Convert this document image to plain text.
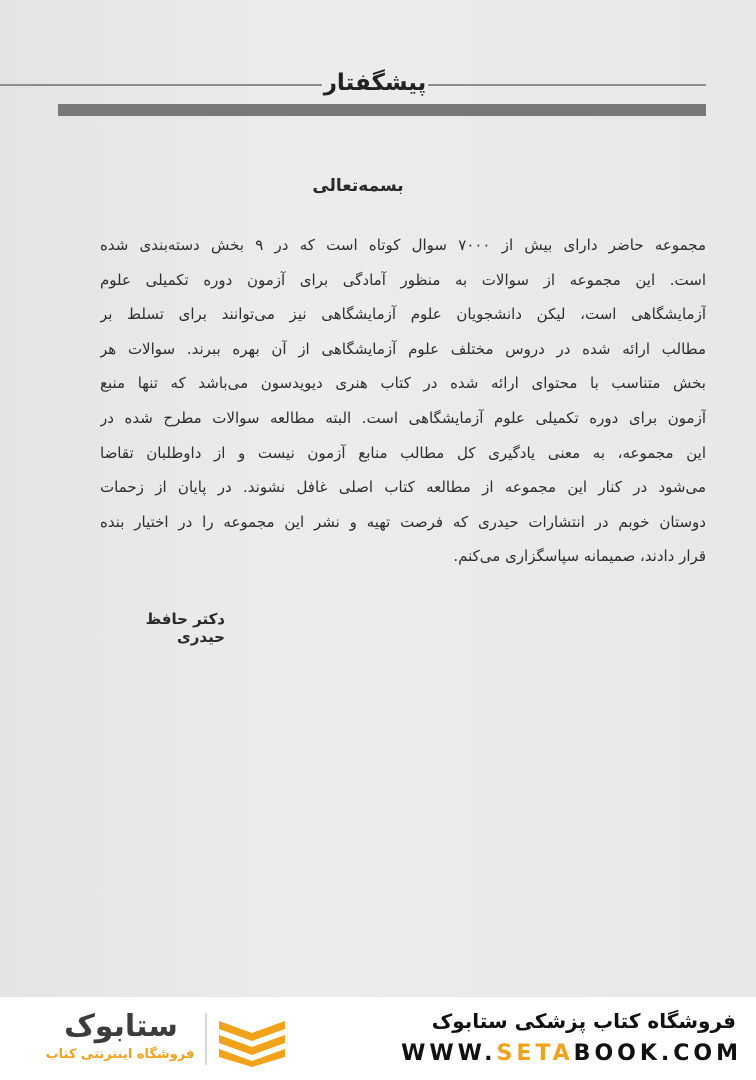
پیشگفتار
بسمه‌تعالی
مجموعه حاضر دارای بیش از ۷۰۰۰ سوال کوتاه است که در ۹ بخش دسته‌بندی شده
است. این مجموعه از سوالات به منظور آمادگی برای آزمون دوره تکمیلی علوم
آزمایشگاهی است، لیکن دانشجویان علوم آزمایشگاهی نیز می‌توانند برای تسلط بر
مطالب ارائه شده در دروس مختلف علوم آزمایشگاهی از آن بهره ببرند. سوالات هر
بخش متناسب با محتوای ارائه شده در کتاب هنری دیویدسون می‌باشد که تنها منبع
آزمون برای دوره تکمیلی علوم آزمایشگاهی است. البته مطالعه سوالات مطرح شده در
این مجموعه، به معنی یادگیری کل مطالب منابع آزمون نیست و از داوطلبان تقاضا
می‌شود در کنار این مجموعه از مطالعه کتاب اصلی غافل نشوند. در پایان از زحمات
دوستان خوبم در انتشارات حیدری که فرصت تهیه و نشر این مجموعه را در اختیار بنده
قرار دادند، صمیمانه سپاسگزاری می‌کنم.
دکتر حافظ حیدری
ستابوک
فروشگاه اینترنتی کتاب
فروشگاه کتاب پزشکی ستابوک
WWW.SETABOOK.COM
